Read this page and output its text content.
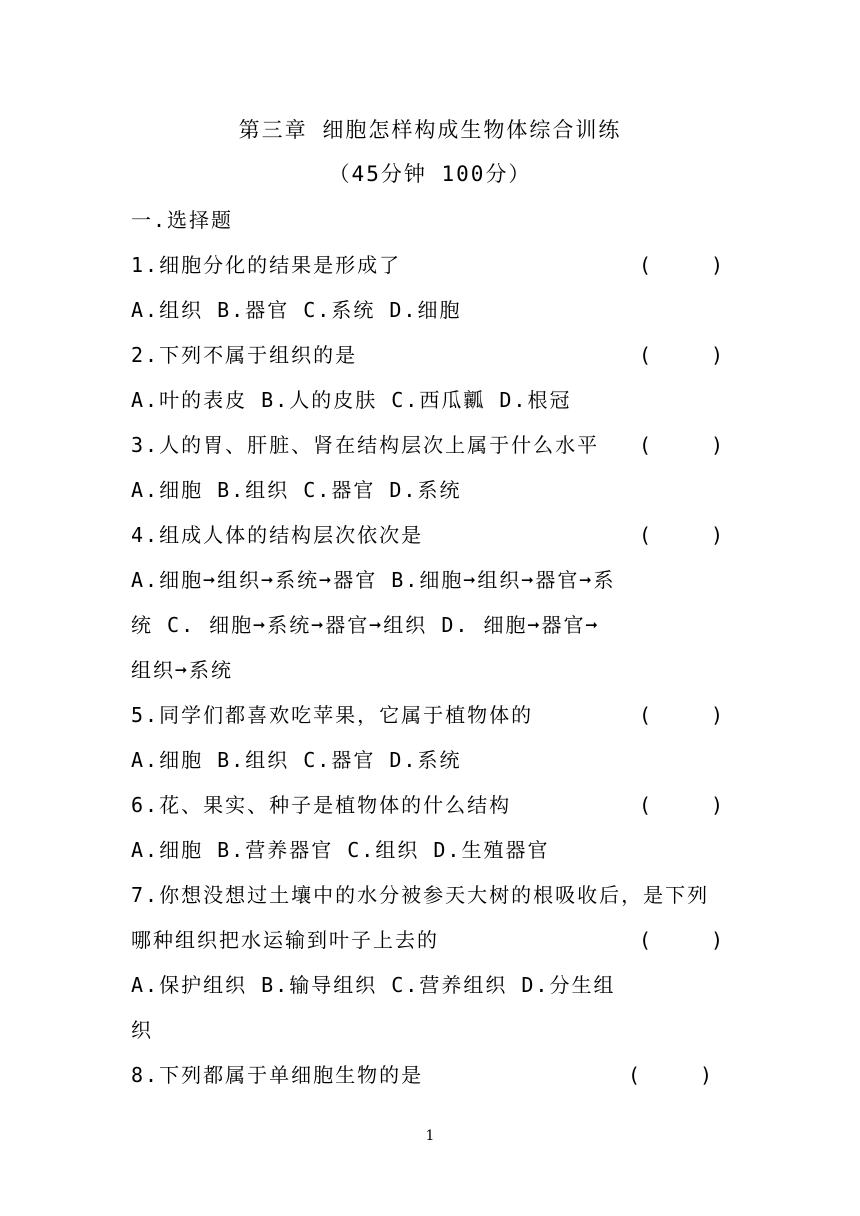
第三章 细胞怎样构成生物体综合训练
（45分钟 100分）
一.选择题
1.细胞分化的结果是形成了	(　　　)
A.组织 B.器官 C.系统 D.细胞
2.下列不属于组织的是	(　　　)
A.叶的表皮 B.人的皮肤 C.西瓜瓤 D.根冠
3.人的胃、肝脏、肾在结构层次上属于什么水平 (　　　)
A.细胞 B.组织 C.器官 D.系统
4.组成人体的结构层次依次是	(　　　)
A.细胞➞组织➞系统➞器官 B.细胞➞组织➞器官➞系
统 C. 细胞➞系统➞器官➞组织 D. 细胞➞器官➞
组织➞系统
5.同学们都喜欢吃苹果，它属于植物体的	(　　　)
A.细胞 B.组织 C.器官 D.系统
6.花、果实、种子是植物体的什么结构	(　　　)
A.细胞 B.营养器官 C.组织 D.生殖器官
7.你想没想过土壤中的水分被参天大树的根吸收后，是下列
哪种组织把水运输到叶子上去的	(　　　)
A.保护组织 B.输导组织 C.营养组织 D.分生组
织
8.下列都属于单细胞生物的是	(　　　)
1
